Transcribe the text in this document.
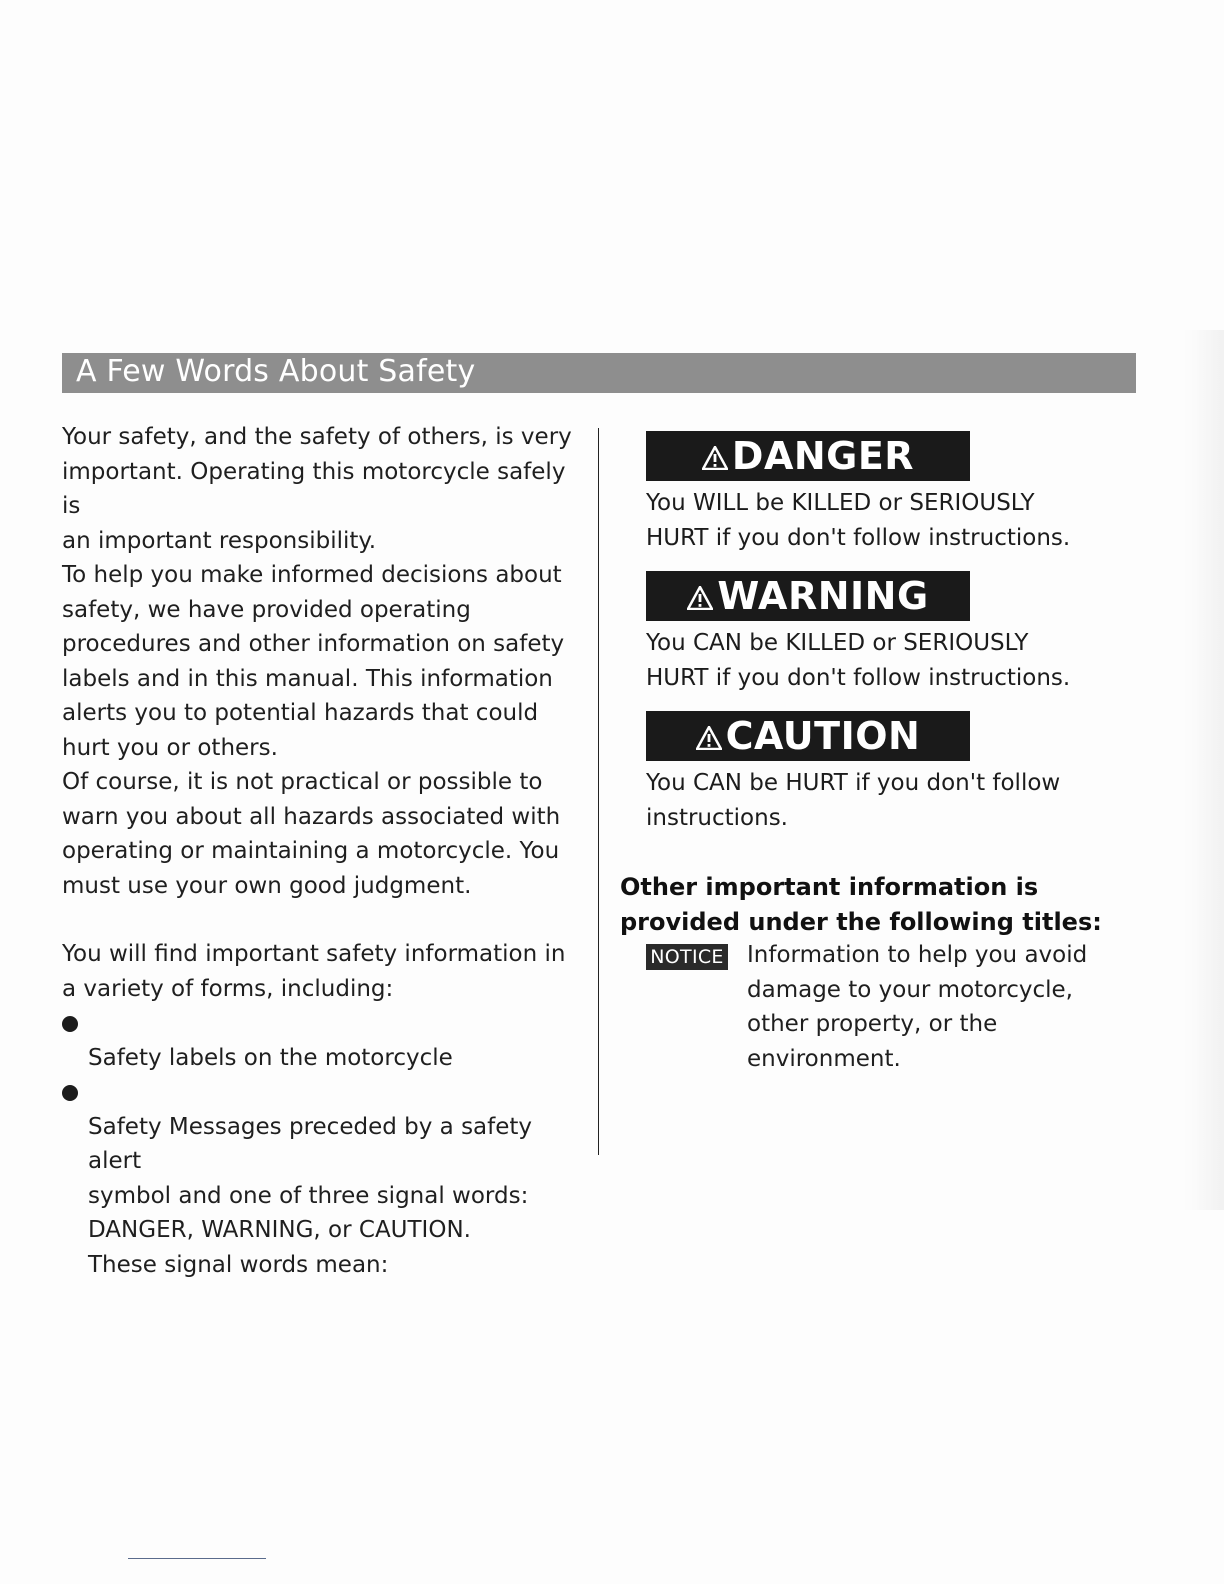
A Few Words About Safety

Your safety, and the safety of others, is very
important. Operating this motorcycle safely is
an important responsibility.

To help you make informed decisions about
safety, we have provided operating
procedures and other information on safety
labels and in this manual. This information
alerts you to potential hazards that could
hurt you or others.

Of course, it is not practical or possible to
warn you about all hazards associated with
operating or maintaining a motorcycle. You
must use your own good judgment.

You will find important safety information in
a variety of forms, including:

Safety labels on the motorcycle

Safety Messages preceded by a safety alert
symbol and one of three signal words:
DANGER, WARNING, or CAUTION.

These signal words mean:
DANGER
You WILL be KILLED or SERIOUSLY
HURT if you don't follow instructions.
WARNING
You CAN be KILLED or SERIOUSLY
HURT if you don't follow instructions.
CAUTION
You CAN be HURT if you don't follow
instructions.
Other important information is
provided under the following titles:
NOTICE Information to help you avoid
damage to your motorcycle,
other property, or the
environment.
